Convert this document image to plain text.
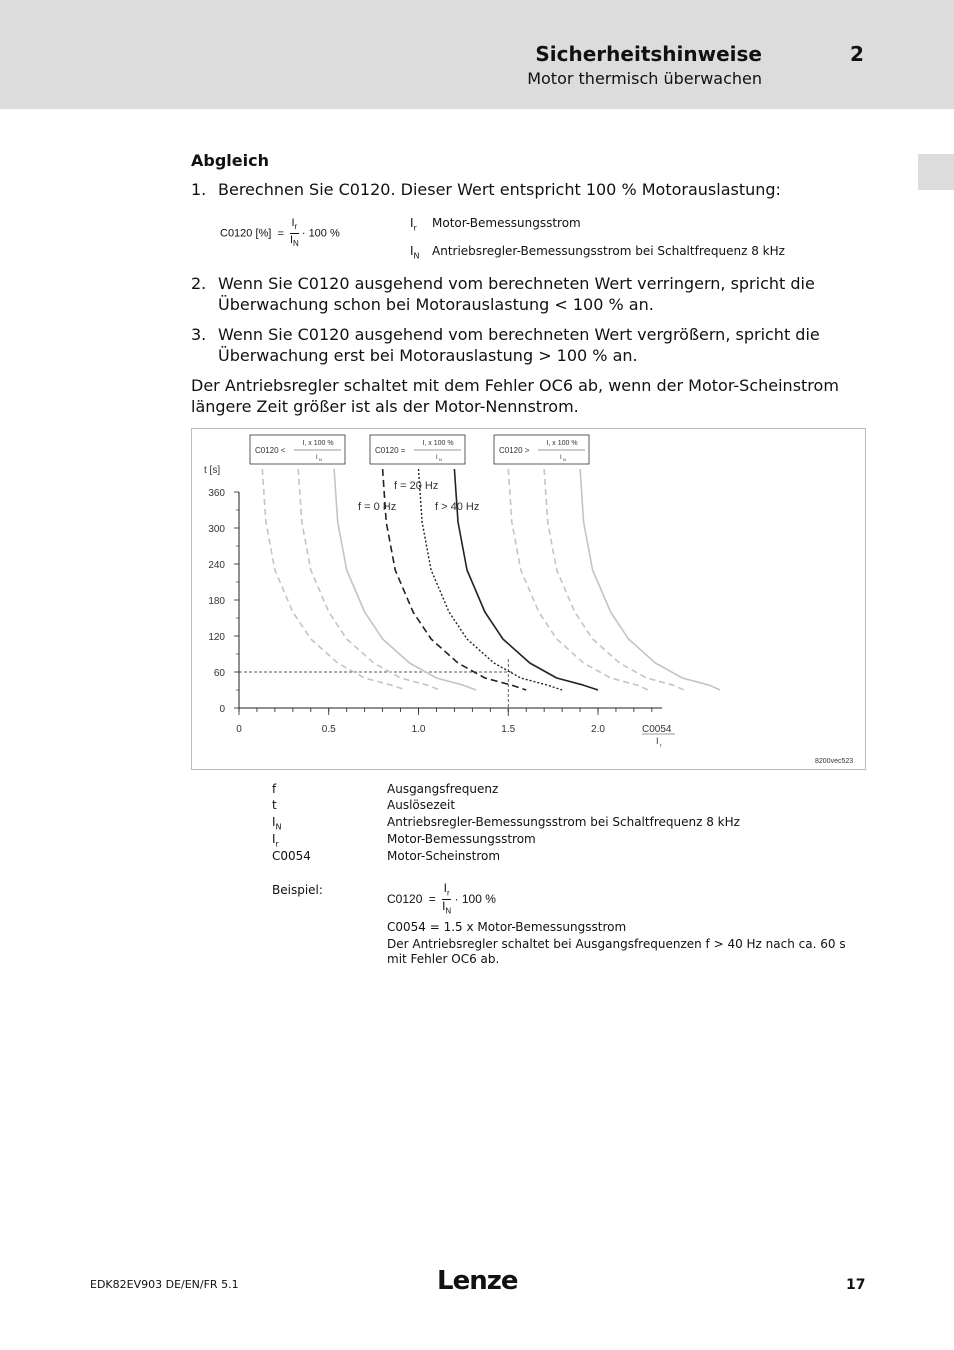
Sicherheitshinweise	2
Motor thermisch überwachen
Abgleich
1. Berechnen Sie C0120. Dieser Wert entspricht 100 % Motorauslastung:
C0120 [%] = $\frac{I_r}{I_N} \cdot 100$ %
$I_r$ Motor-Bemessungsstrom
$I_N$ Antriebsregler-Bemessungsstrom bei Schaltfrequenz 8 kHz
2. Wenn Sie C0120 ausgehend vom berechneten Wert verringern, spricht die Überwachung schon bei Motorauslastung < 100 % an.
3. Wenn Sie C0120 ausgehend vom berechneten Wert vergrößern, spricht die Überwachung erst bei Motorauslastung > 100 % an.
Der Antriebsregler schaltet mit dem Fehler OC6 ab, wenn der Motor-Scheinstrom längere Zeit größer ist als der Motor-Nennstrom.
C0120 <
I, x 100 %
I N
C0120 =
I, x 100 %
I N
C0120 >
I, x 100 %
I N
0	0.5	1.0	1.5	2.0
0
60
120
180
240
300
360
t [s]
C0054
I r
f = 20 Hz
f = 0 Hz	f > 40 Hz
8200vec523
f	Ausgangsfrequenz
t	Auslösezeit
$I_N$	Antriebsregler-Bemessungsstrom bei Schaltfrequenz 8 kHz
$I_r$	Motor-Bemessungsstrom
C0054	Motor-Scheinstrom
Beispiel:
$C0120 = \frac{I_r}{I_N} \cdot 100$ %
C0054 = 1.5 x Motor-Bemessungsstrom
Der Antriebsregler schaltet bei Ausgangsfrequenzen f > 40 Hz nach ca. 60 s mit Fehler OC6 ab.
EDK82EV903 DE/EN/FR 5.1	Lenze	17
